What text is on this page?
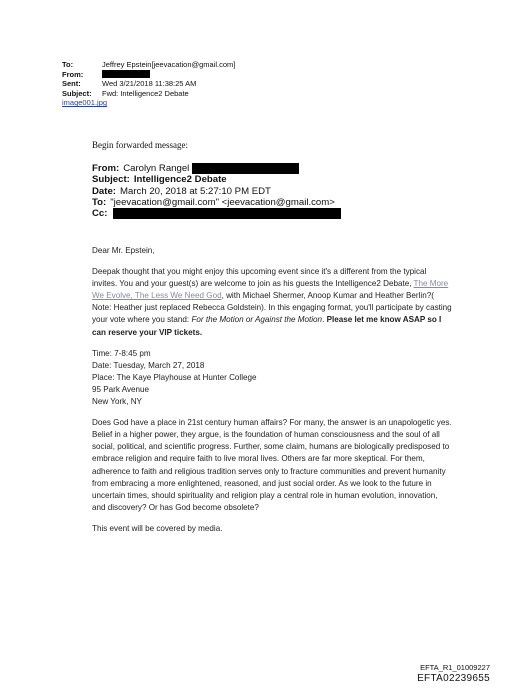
To:	Jeffrey Epstein[jeevacation@gmail.com]
From:
Sent:	Wed 3/21/2018 11:38:25 AM
Subject:	Fwd: Intelligence2 Debate
image001.jpg
Begin forwarded message:
From: Carolyn Rangel
Subject: Intelligence2 Debate
Date: March 20, 2018 at 5:27:10 PM EDT
To: "jeevacation@gmail.com" <jeevacation@gmail.com>
Cc:

Dear Mr. Epstein,

Deepak thought that you might enjoy this upcoming event since it's a different from the typical invites. You and your guest(s) are welcome to join as his guests the Intelligence2 Debate, The More We Evolve, The Less We Need God, with Michael Shermer, Anoop Kumar and Heather Berlin?( Note: Heather just replaced Rebecca Goldstein). In this engaging format, you'll participate by casting your vote where you stand: For the Motion or Against the Motion. Please let me know ASAP so I can reserve your VIP tickets.

Time: 7-8:45 pm
Date: Tuesday, March 27, 2018
Place: The Kaye Playhouse at Hunter College
95 Park Avenue
New York, NY

Does God have a place in 21st century human affairs? For many, the answer is an unapologetic yes. Belief in a higher power, they argue, is the foundation of human consciousness and the soul of all social, political, and scientific progress. Further, some claim, humans are biologically predisposed to embrace religion and require faith to live moral lives. Others are far more skeptical. For them, adherence to faith and religious tradition serves only to fracture communities and prevent humanity from embracing a more enlightened, reasoned, and just social order. As we look to the future in uncertain times, should spirituality and religion play a central role in human evolution, innovation, and discovery? Or has God become obsolete?

This event will be covered by media.

EFTA_R1_01009227
EFTA02239655
